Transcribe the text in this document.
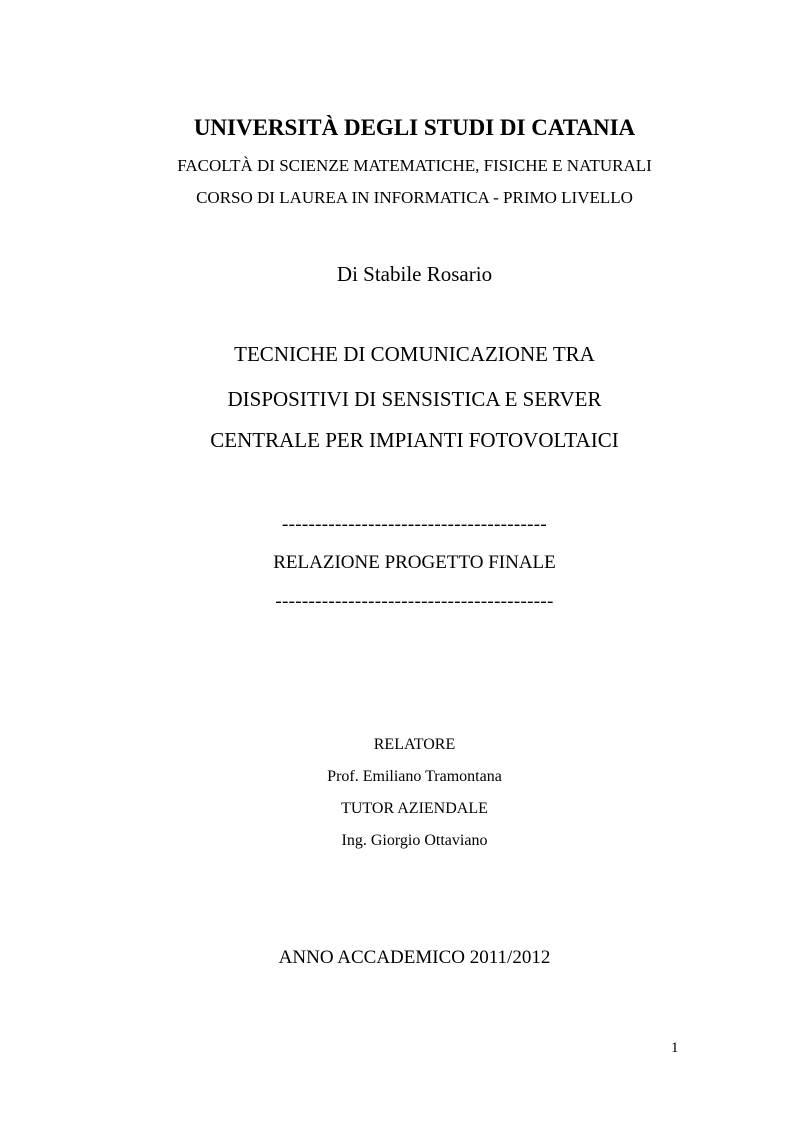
UNIVERSITÀ DEGLI STUDI DI CATANIA
FACOLTÀ DI SCIENZE MATEMATICHE, FISICHE E NATURALI
CORSO DI LAUREA IN INFORMATICA - PRIMO LIVELLO
Di Stabile Rosario
TECNICHE DI COMUNICAZIONE TRA
DISPOSITIVI DI SENSISTICA E SERVER
CENTRALE PER IMPIANTI FOTOVOLTAICI
----------------------------------------
RELAZIONE PROGETTO FINALE
------------------------------------------
RELATORE
Prof. Emiliano Tramontana
TUTOR AZIENDALE
Ing. Giorgio Ottaviano
ANNO ACCADEMICO 2011/2012
1
